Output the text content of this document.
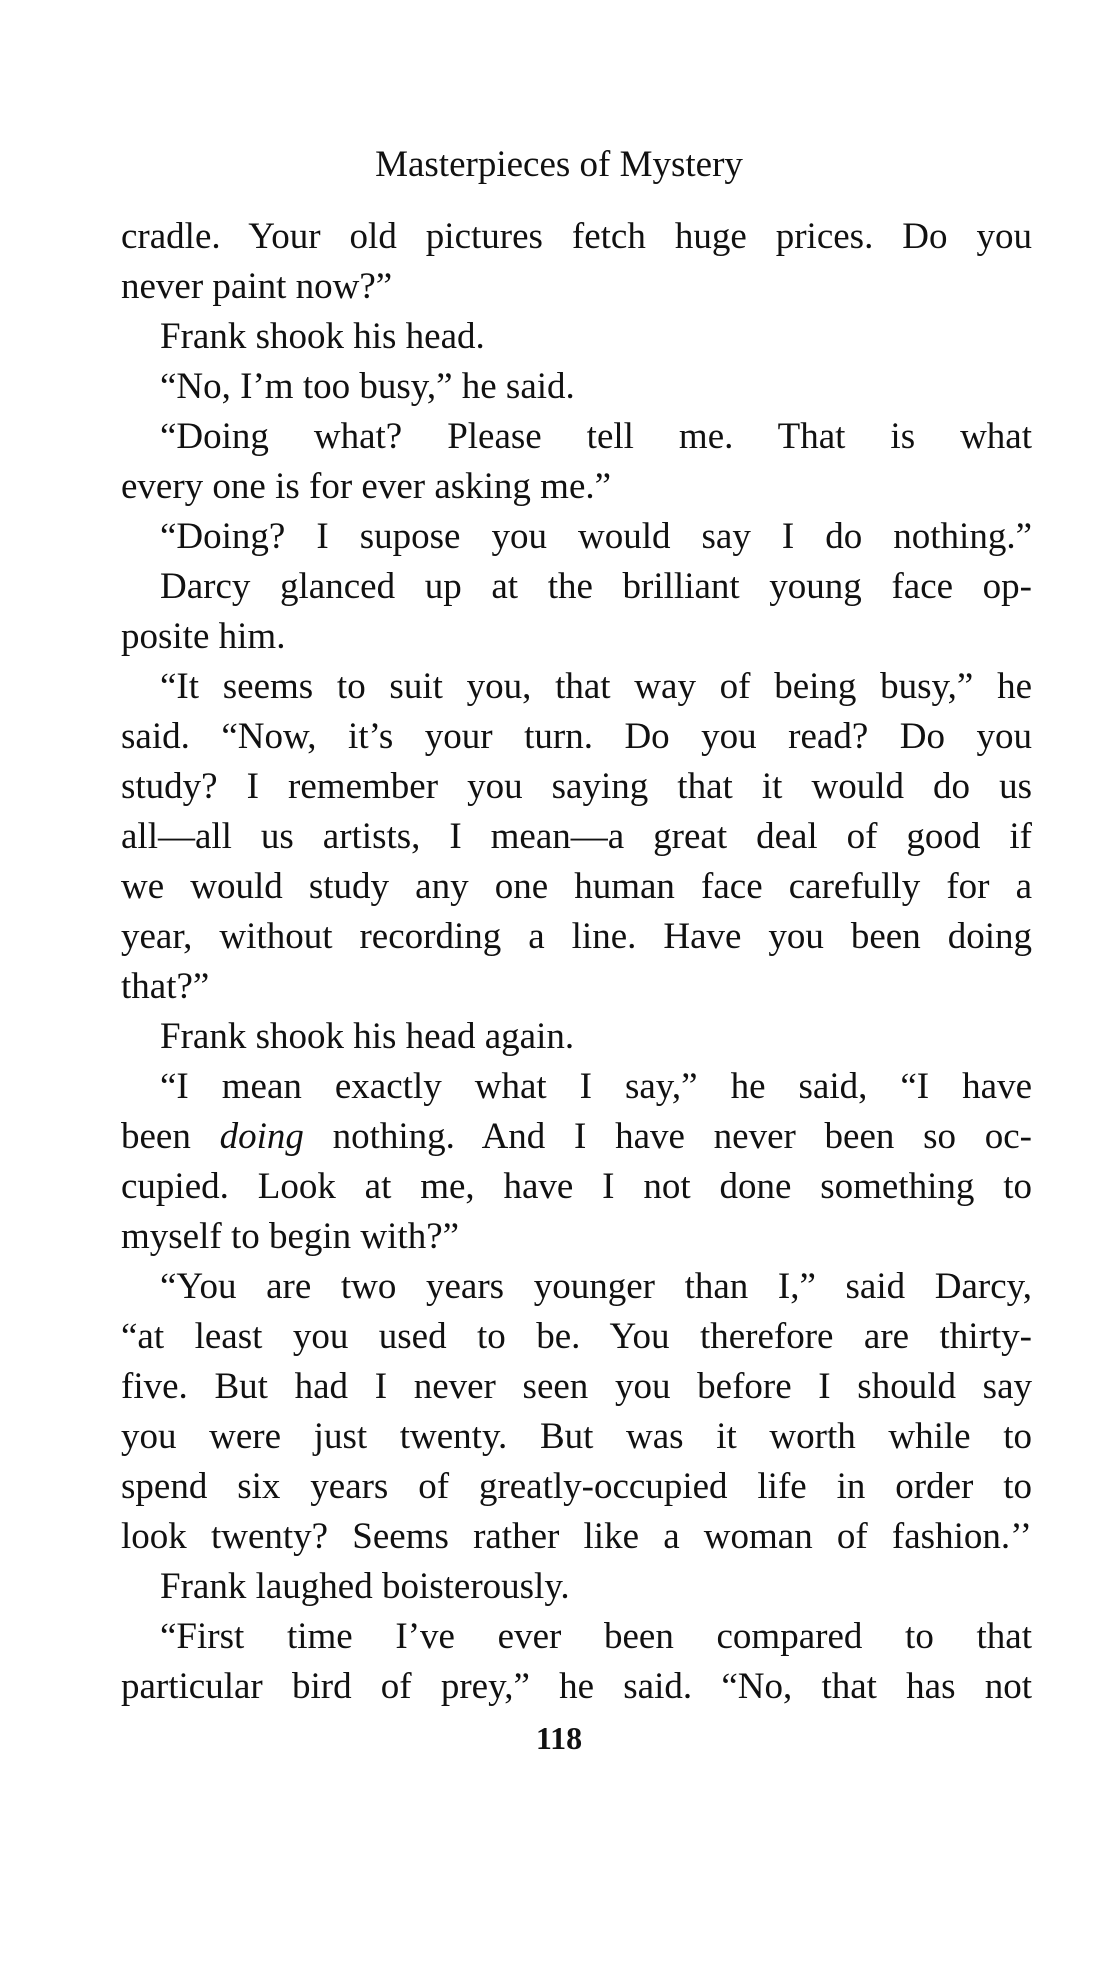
Masterpieces of Mystery
cradle. Your old pictures fetch huge prices. Do you
never paint now?”
Frank shook his head.
“No, I’m too busy,” he said.
“Doing what? Please tell me. That is what
every one is for ever asking me.”
“Doing? I supose you would say I do nothing.”
Darcy glanced up at the brilliant young face op-
posite him.
“It seems to suit you, that way of being busy,” he
said. “Now, it’s your turn. Do you read? Do you
study? I remember you saying that it would do us
all—all us artists, I mean—a great deal of good if
we would study any one human face carefully for a
year, without recording a line. Have you been doing
that?”
Frank shook his head again.
“I mean exactly what I say,” he said, “I have
been doing nothing. And I have never been so oc-
cupied. Look at me, have I not done something to
myself to begin with?”
“You are two years younger than I,” said Darcy,
“at least you used to be. You therefore are thirty-
five. But had I never seen you before I should say
you were just twenty. But was it worth while to
spend six years of greatly-occupied life in order to
look twenty? Seems rather like a woman of fashion.’’
Frank laughed boisterously.
“First time I’ve ever been compared to that
particular bird of prey,” he said. “No, that has not
118
